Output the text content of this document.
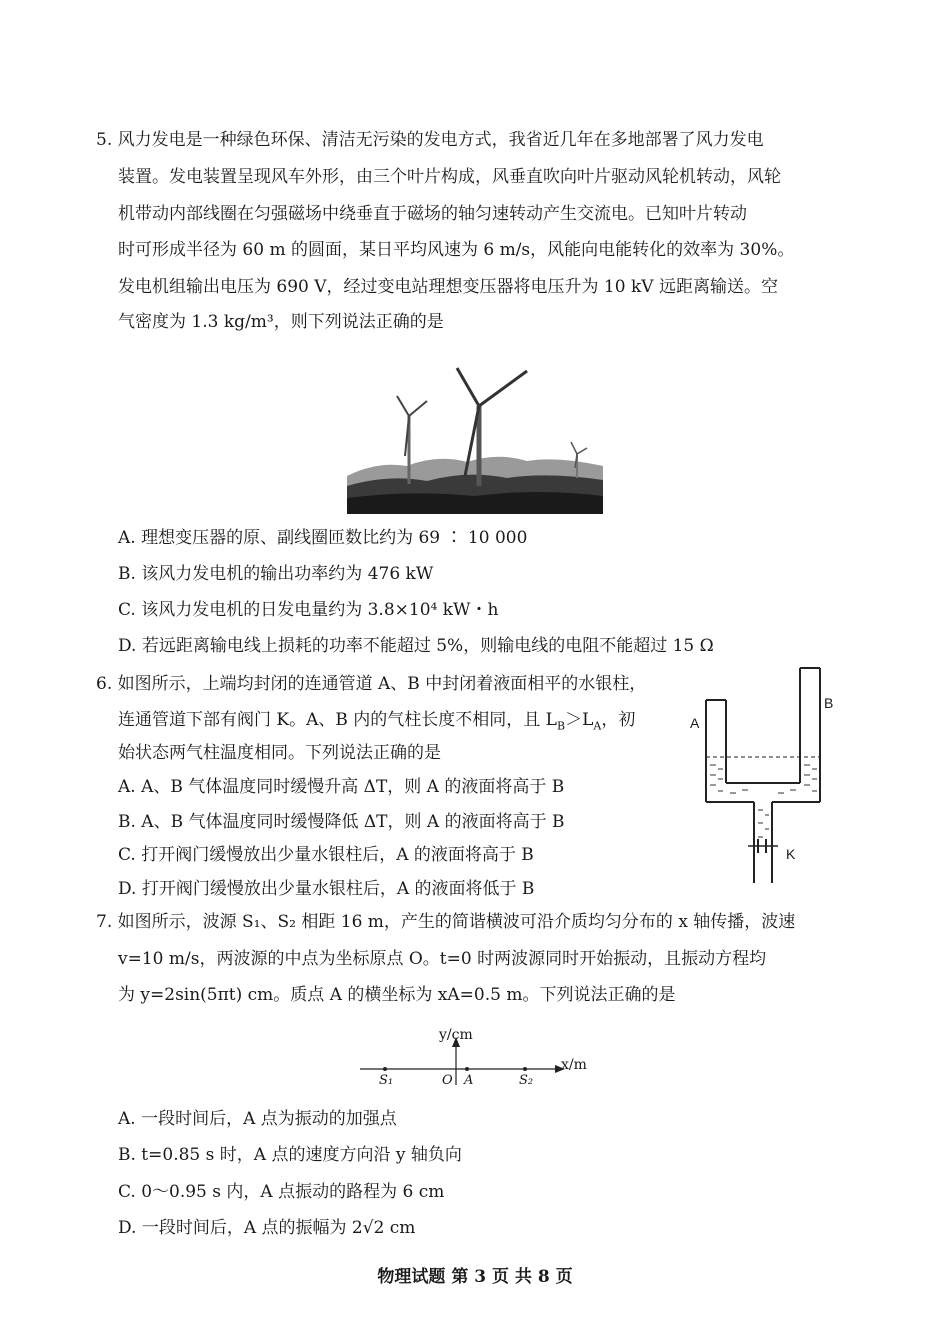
5. 风力发电是一种绿色环保、清洁无污染的发电方式，我省近几年在多地部署了风力发电
装置。发电装置呈现风车外形，由三个叶片构成，风垂直吹向叶片驱动风轮机转动，风轮
机带动内部线圈在匀强磁场中绕垂直于磁场的轴匀速转动产生交流电。已知叶片转动
时可形成半径为 60 m 的圆面，某日平均风速为 6 m/s，风能向电能转化的效率为 30%。
发电机组输出电压为 690 V，经过变电站理想变压器将电压升为 10 kV 远距离输送。空
气密度为 1.3 kg/m³，则下列说法正确的是
A. 理想变压器的原、副线圈匝数比约为 69 ∶ 10 000
B. 该风力发电机的输出功率约为 476 kW
C. 该风力发电机的日发电量约为 3.8×10⁴ kW・h
D. 若远距离输电线上损耗的功率不能超过 5%，则输电线的电阻不能超过 15 Ω
6. 如图所示，上端均封闭的连通管道 A、B 中封闭着液面相平的水银柱，
连通管道下部有阀门 K。A、B 内的气柱长度不相同，且 $L_B>L_A$，初
始状态两气柱温度相同。下列说法正确的是
A. A、B 气体温度同时缓慢升高 ΔT，则 A 的液面将高于 B
B. A、B 气体温度同时缓慢降低 ΔT，则 A 的液面将高于 B
C. 打开阀门缓慢放出少量水银柱后，A 的液面将高于 B
D. 打开阀门缓慢放出少量水银柱后，A 的液面将低于 B
A
B
K
7. 如图所示，波源 S₁、S₂ 相距 16 m，产生的简谐横波可沿介质均匀分布的 x 轴传播，波速
v=10 m/s，两波源的中点为坐标原点 O。t=0 时两波源同时开始振动，且振动方程均
为 y=2sin(5πt) cm。质点 A 的横坐标为 xA=0.5 m。下列说法正确的是
y/cm
x/m
S₁	O A	S₂
A. 一段时间后，A 点为振动的加强点
B. t=0.85 s 时，A 点的速度方向沿 y 轴负向
C. 0～0.95 s 内，A 点振动的路程为 6 cm
D. 一段时间后，A 点的振幅为 2√2 cm
物理试题 第 3 页 共 8 页
